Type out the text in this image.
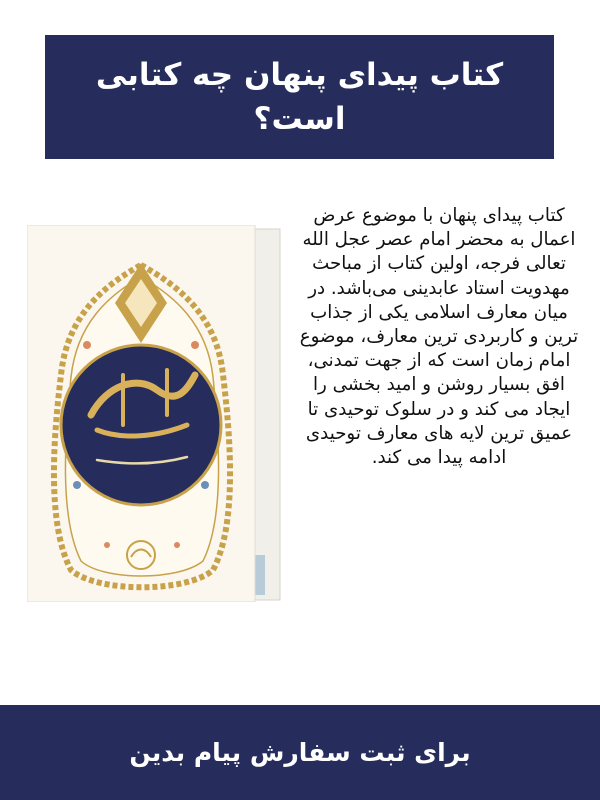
کتاب پیدای پنهان چه کتابی است؟

کتاب پیدای پنهان با موضوع عرض اعمال به محضر امام عصر عجل الله تعالی فرجه، اولین کتاب از مباحث مهدویت استاد عابدینی می‌باشد. در میان معارف اسلامی یکی از جذاب ترین و کاربردی ترین معارف، موضوع امام زمان است که از جهت تمدنی، افق بسیار روشن و امید بخشی را ایجاد می کند و در سلوک توحیدی تا عمیق ترین لایه های معارف توحیدی ادامه پیدا می کند.

برای ثبت سفارش پیام بدین
